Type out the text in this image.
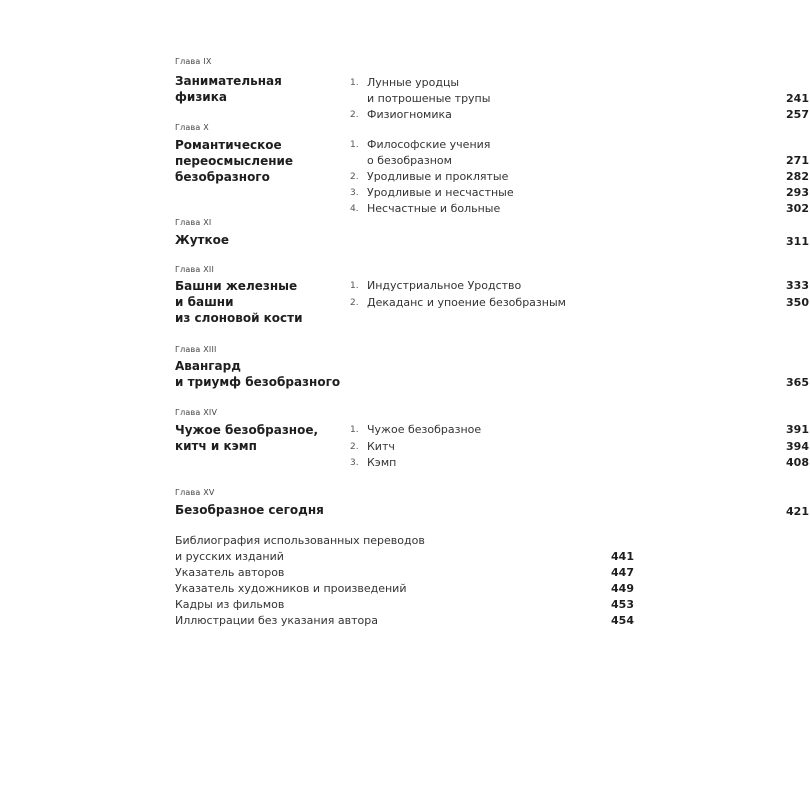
Глава IX
Занимательная
физика
1. Лунные уродцы
и потрошеные трупы	241
2. Физиогномика	257
Глава X
Романтическое
переосмысление
безобразного
1. Философские учения
о безобразном	271
2. Уродливые и проклятые	282
3. Уродливые и несчастные	293
4. Несчастные и больные	302
Глава XI
Жуткое	311
Глава XII
Башни железные
и башни
из слоновой кости
1. Индустриальное Уродство	333
2. Декаданс и упоение безобразным	350
Глава XIII
Авангард
и триумф безобразного	365
Глава XIV
Чужое безобразное,
китч и кэмп
1. Чужое безобразное	391
2. Китч	394
3. Кэмп	408
Глава XV
Безобразное сегодня	421
Библиография использованных переводов
и русских изданий	441
Указатель авторов	447
Указатель художников и произведений	449
Кадры из фильмов	453
Иллюстрации без указания автора	454
